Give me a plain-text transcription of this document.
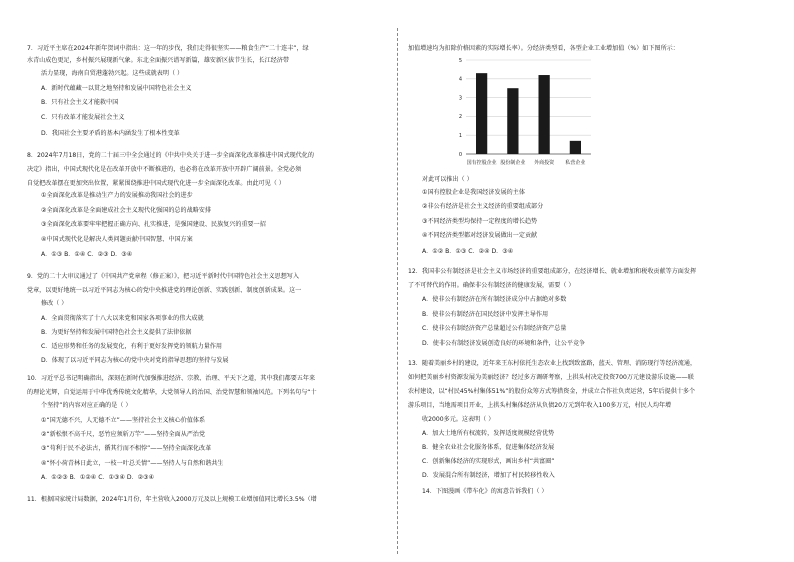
7．习近平主席在2024年新年贺词中指出：这一年的步伐，我们走得很坚实——粮食生产“二十连丰”，绿
水青山成色更足，乡村振兴展现新气象。东北全面振兴谱写新篇，雄安新区拔节生长，长江经济带
活力显现，海南自贸港蓬勃兴起。这些成就表明（ ）
A．新时代蕴藏一以贯之地坚持和发展中国特色社会主义
B．只有社会主义才能救中国
C．只有改革才能发展社会主义
D．我国社会主要矛盾的基本内涵发生了根本性变革
8．2024年7月18日，党的二十届三中全会通过的《中共中央关于进一步全面深化改革推进中国式现代化的
决定》指出，中国式现代化是在改革开放中不断推进的，也必将在改革开放中开辟广阔前景。全党必须
自觉把改革摆在更加突出位置，紧紧围绕推进中国式现代化进一步全面深化改革。由此可见（ ）
①全面深化改革是推动生产力的发展推动我国社会的进步
②全面深化改革是全面建成社会主义现代化强国的总的战略安排
③全面深化改革要牢牢把握正确方向、扎实推进，是强国建设、民族复兴的重要一招
④中国式现代化是解决人类问题贡献中国智慧、中国方案
A．①③ B．①④ C．②③ D．③④
9．党的二十大审议通过了《中国共产党章程（修正案）》，把习近平新时代中国特色社会主义思想写入
党章，以更好地统一以习近平同志为核心的党中央推进党的理论创新、实践创新、制度创新成果。这一
修改（ ）
A．全面贯彻落实了十八大以来党和国家各项事业的伟大成就
B．为更好坚持和发展中国特色社会主义提供了法律依据
C．适应形势和任务的发展变化，有利于更好发挥党的领航力量作用
D．体现了以习近平同志为核心的党中央对党的指导思想的坚持与发展
10．习近平总书记明确指出，深刻在新时代加强推进经济、宗教、治理、平天下之道，其中我们都要五年来
的理论光辉，自觉运用于中华优秀传统文化精华，大党领导人的治国、治党智慧和领袖风范。下列名句与“十
个坚持”的内容对应正确的是（ ）
①“国无德不兴，人无德不立”——坚持社会主义核心价值体系
②“新松恨不高千尺，恶竹应须斩万竿”——坚持全面从严治党
③“苟利于民不必法古，循其行而不相悖”——坚持全面深化改革
④“怀小荷青林日此立，一枝一叶总关情”——坚持人与自然和谐共生
A．①②③ B．①②④ C．①③④ D．②③④
11．根据国家统计局数据，2024年1月份，年主营收入2000万元及以上规模工业增加值同比增长3.5%（增
加值增速均为扣除价格因素的实际增长率）。分经济类型看，各型企业工业增加值（%）如下图所示：
对此可以推出（ ）
①国有控股企业是我国经济发展的主体
②非公有经济是社会主义经济的重要组成部分
③不同经济类型均保持一定程度的增长趋势
④不同经济类型都对经济发展做出一定贡献
A．①② B．①③ C．②④ D．③④
12．我国非公有制经济是社会主义市场经济的重要组成部分，在经济增长、就业增加和税收贡献等方面发挥
了不可替代的作用。确保非公有制经济的健康发展，需要（ ）
A．使非公有制经济在所有制经济成分中占据绝对多数
B．使非公有制经济在国民经济中发挥主导作用
C．使非公有制经济资产总量超过公有制经济资产总量
D．使非公有制经济发展创造良好的环境和条件，让公平竞争
13．随着美丽乡村的建设，近年来王东村依托生态农业上找到致富路，蓝天、管理、消防现行等经济流通，
如何把美丽乡村资源发展为美丽经济？经过多方调研考察，上拱头村决定投资700万元建设游乐设施——联
农村建设，以“村民45%村集体51%”的股份众筹方式筹措资金，并成立合作社负责运营，5年后提供十多个
游乐项目，当地需项目开业，上拱头村集体经济从负债20万元到年收入100多万元，村民人均年增
收2000多元。这表明（ ）
A．加大土地所有权流转，发挥适度规模经营优势
B．健全农业社会化服务体系，促进集体经济发展
C．创新集体经济的实现形式，画出乡村“共富圈”
D．发展混合所有制经济，增加了村民转移性收入
14．下图漫画《带车化》的寓意告诉我们（ ）
0
1
2
3
4
5
国有控股企业 股份制企业 外商投资 私营企业
